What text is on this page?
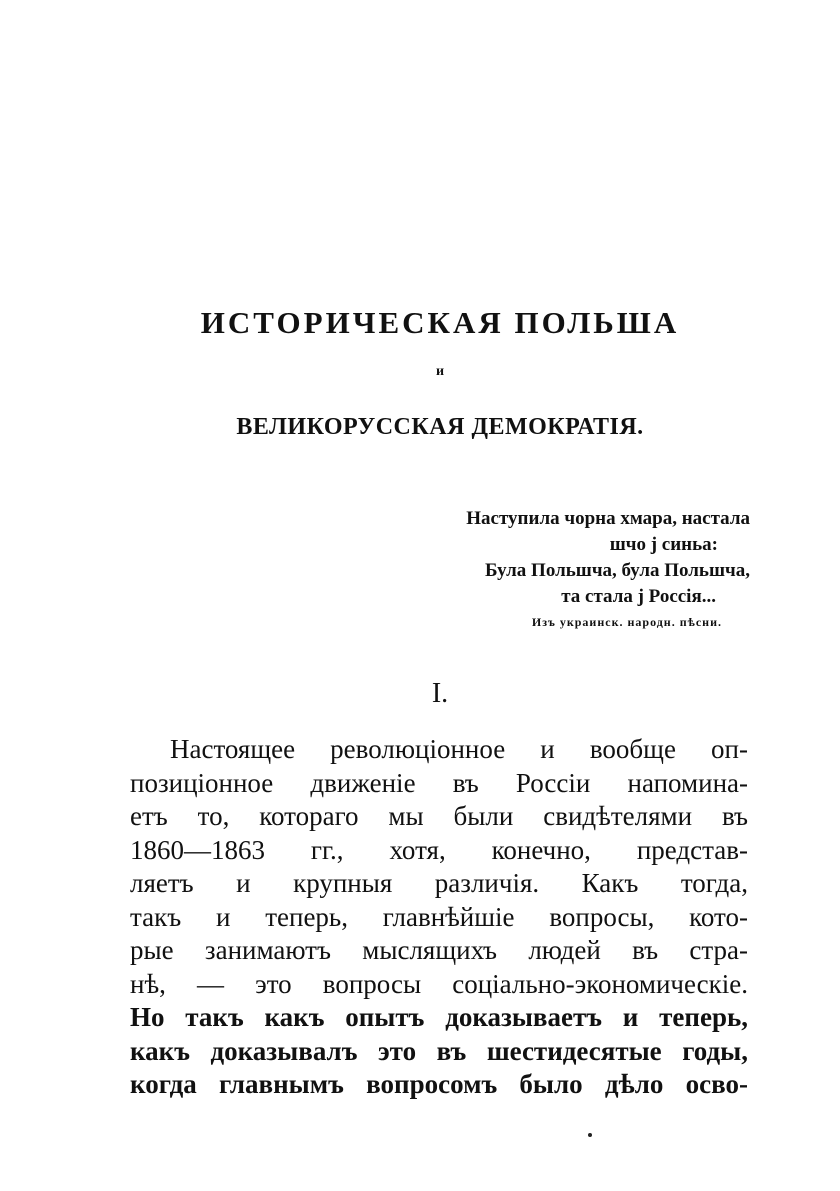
ИСТОРИЧЕСКАЯ ПОЛЬША
и
ВЕЛИКОРУССКАЯ ДЕМОКРАТІЯ.
Наступила чорна хмара, настала
шчо ј синьа:
Була Польшча, була Польшча,
та стала ј Россія...
Изъ украинск. народн. пѣсни.
I.
Настоящее революціонное и вообще оп-
позиціонное движеніе въ Россіи напомина-
етъ то, котораго мы были свидѣтелями въ
1860—1863 гг., хотя, конечно, представ-
ляетъ и крупныя различія. Какъ тогда,
такъ и теперь, главнѣйшіе вопросы, кото-
рые занимаютъ мыслящихъ людей въ стра-
нѣ, — это вопросы соціально-экономическіе.
Но такъ какъ опытъ доказываетъ и теперь,
какъ доказывалъ это въ шестидесятые годы,
когда главнымъ вопросомъ было дѣло осво-
